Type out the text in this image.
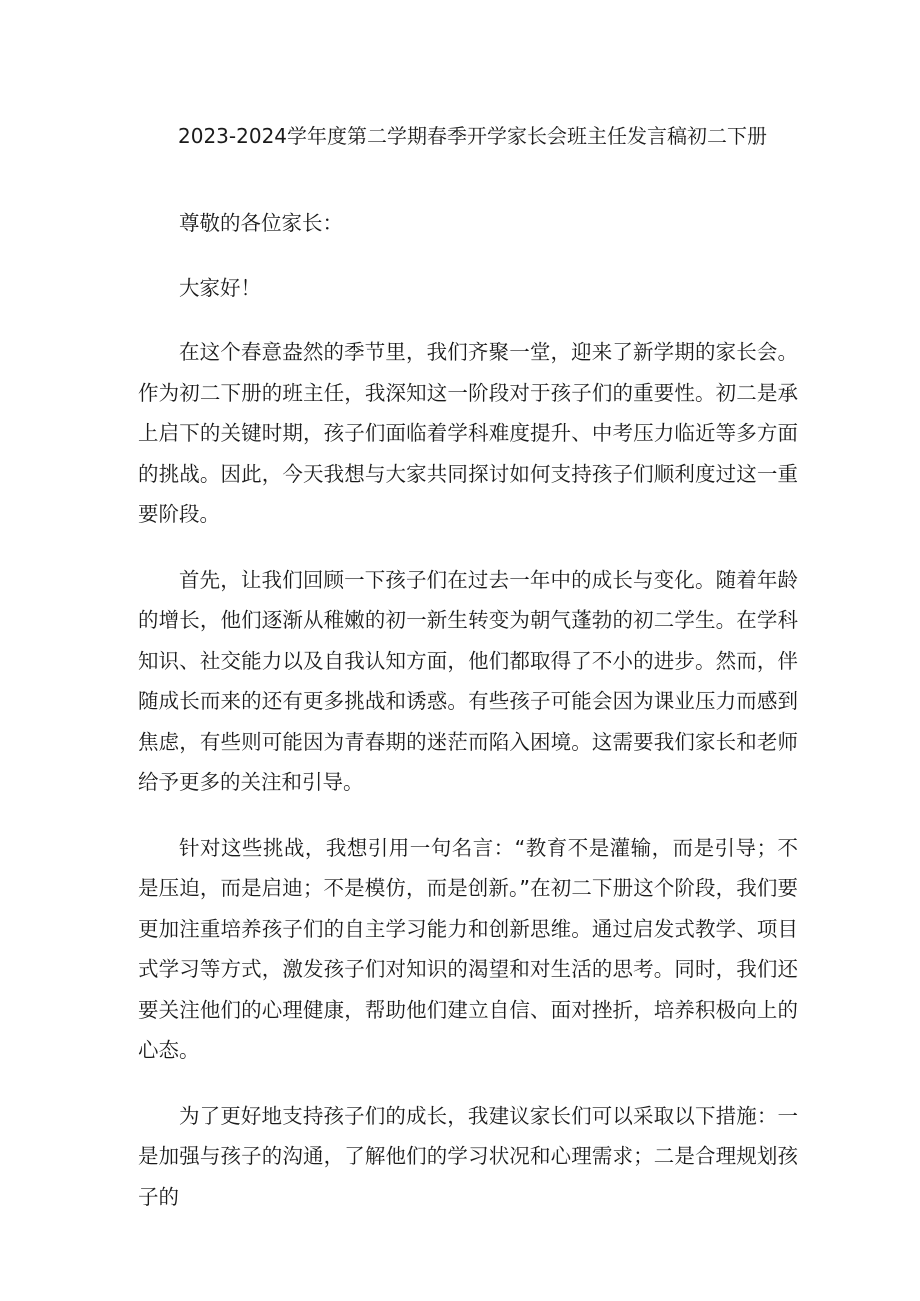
2023-2024学年度第二学期春季开学家长会班主任发言稿初二下册

尊敬的各位家长：

大家好！

在这个春意盎然的季节里，我们齐聚一堂，迎来了新学期的家长会。作为初二下册的班主任，我深知这一阶段对于孩子们的重要性。初二是承上启下的关键时期，孩子们面临着学科难度提升、中考压力临近等多方面的挑战。因此，今天我想与大家共同探讨如何支持孩子们顺利度过这一重要阶段。

首先，让我们回顾一下孩子们在过去一年中的成长与变化。随着年龄的增长，他们逐渐从稚嫩的初一新生转变为朝气蓬勃的初二学生。在学科知识、社交能力以及自我认知方面，他们都取得了不小的进步。然而，伴随成长而来的还有更多挑战和诱惑。有些孩子可能会因为课业压力而感到焦虑，有些则可能因为青春期的迷茫而陷入困境。这需要我们家长和老师给予更多的关注和引导。

针对这些挑战，我想引用一句名言：“教育不是灌输，而是引导；不是压迫，而是启迪；不是模仿，而是创新。”在初二下册这个阶段，我们要更加注重培养孩子们的自主学习能力和创新思维。通过启发式教学、项目式学习等方式，激发孩子们对知识的渴望和对生活的思考。同时，我们还要关注他们的心理健康，帮助他们建立自信、面对挫折，培养积极向上的心态。

为了更好地支持孩子们的成长，我建议家长们可以采取以下措施：一是加强与孩子的沟通，了解他们的学习状况和心理需求；二是合理规划孩子的
